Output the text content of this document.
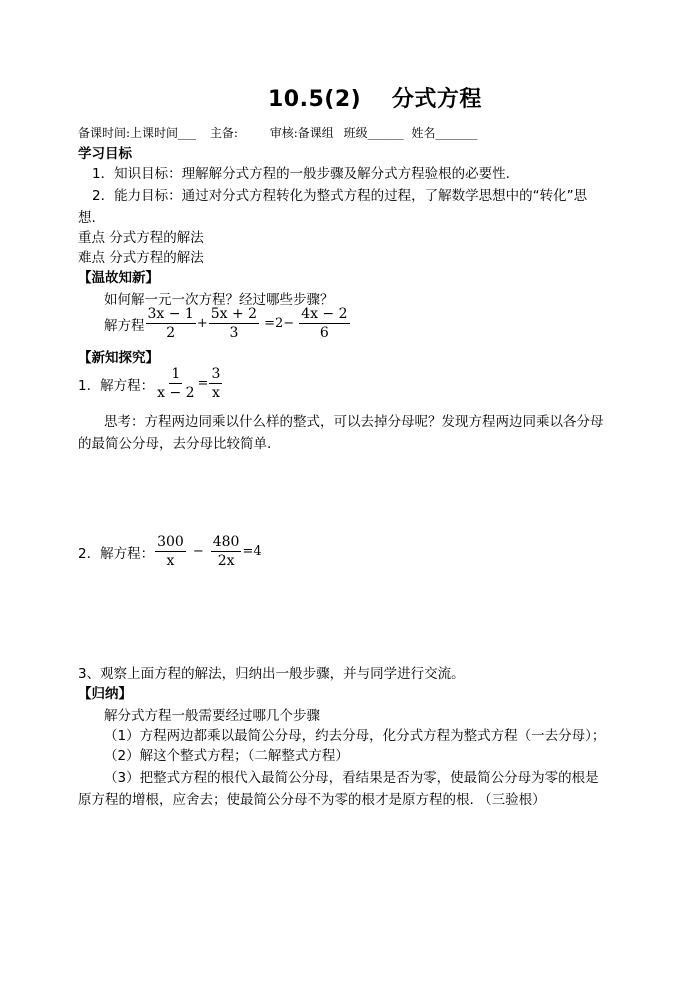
10.5(2)　 分式方程
备课时间:上课时间___ 主备:	审核:备课组 班级______ 姓名_______
学习目标
1．知识目标：理解解分式方程的一般步骤及解分式方程验根的必要性.
2．能力目标：通过对分式方程转化为整式方程的过程，了解数学思想中的“转化”思
想.
重点 分式方程的解法
难点 分式方程的解法
【温故知新】
如何解一元一次方程？经过哪些步骤？
解方程 $\frac{3x - 1}{2} + \frac{5x + 2}{3} =2- \frac{4x - 2}{6}$
【新知探究】
1．解方程： $\frac{1}{x - 2} = \frac{3}{x}$
思考：方程两边同乘以什么样的整式，可以去掉分母呢？发现方程两边同乘以各分母
的最简公分母，去分母比较简单.
2．解方程： $\frac{300}{x} - \frac{480}{2x} =4$
3、观察上面方程的解法，归纳出一般步骤，并与同学进行交流。
【归纳】
解分式方程一般需要经过哪几个步骤
（1）方程两边都乘以最简公分母，约去分母，化分式方程为整式方程（一去分母）；
（2）解这个整式方程；（二解整式方程）
（3）把整式方程的根代入最简公分母，看结果是否为零，使最简公分母为零的根是
原方程的增根，应舍去；使最简公分母不为零的根才是原方程的根. （三验根）
